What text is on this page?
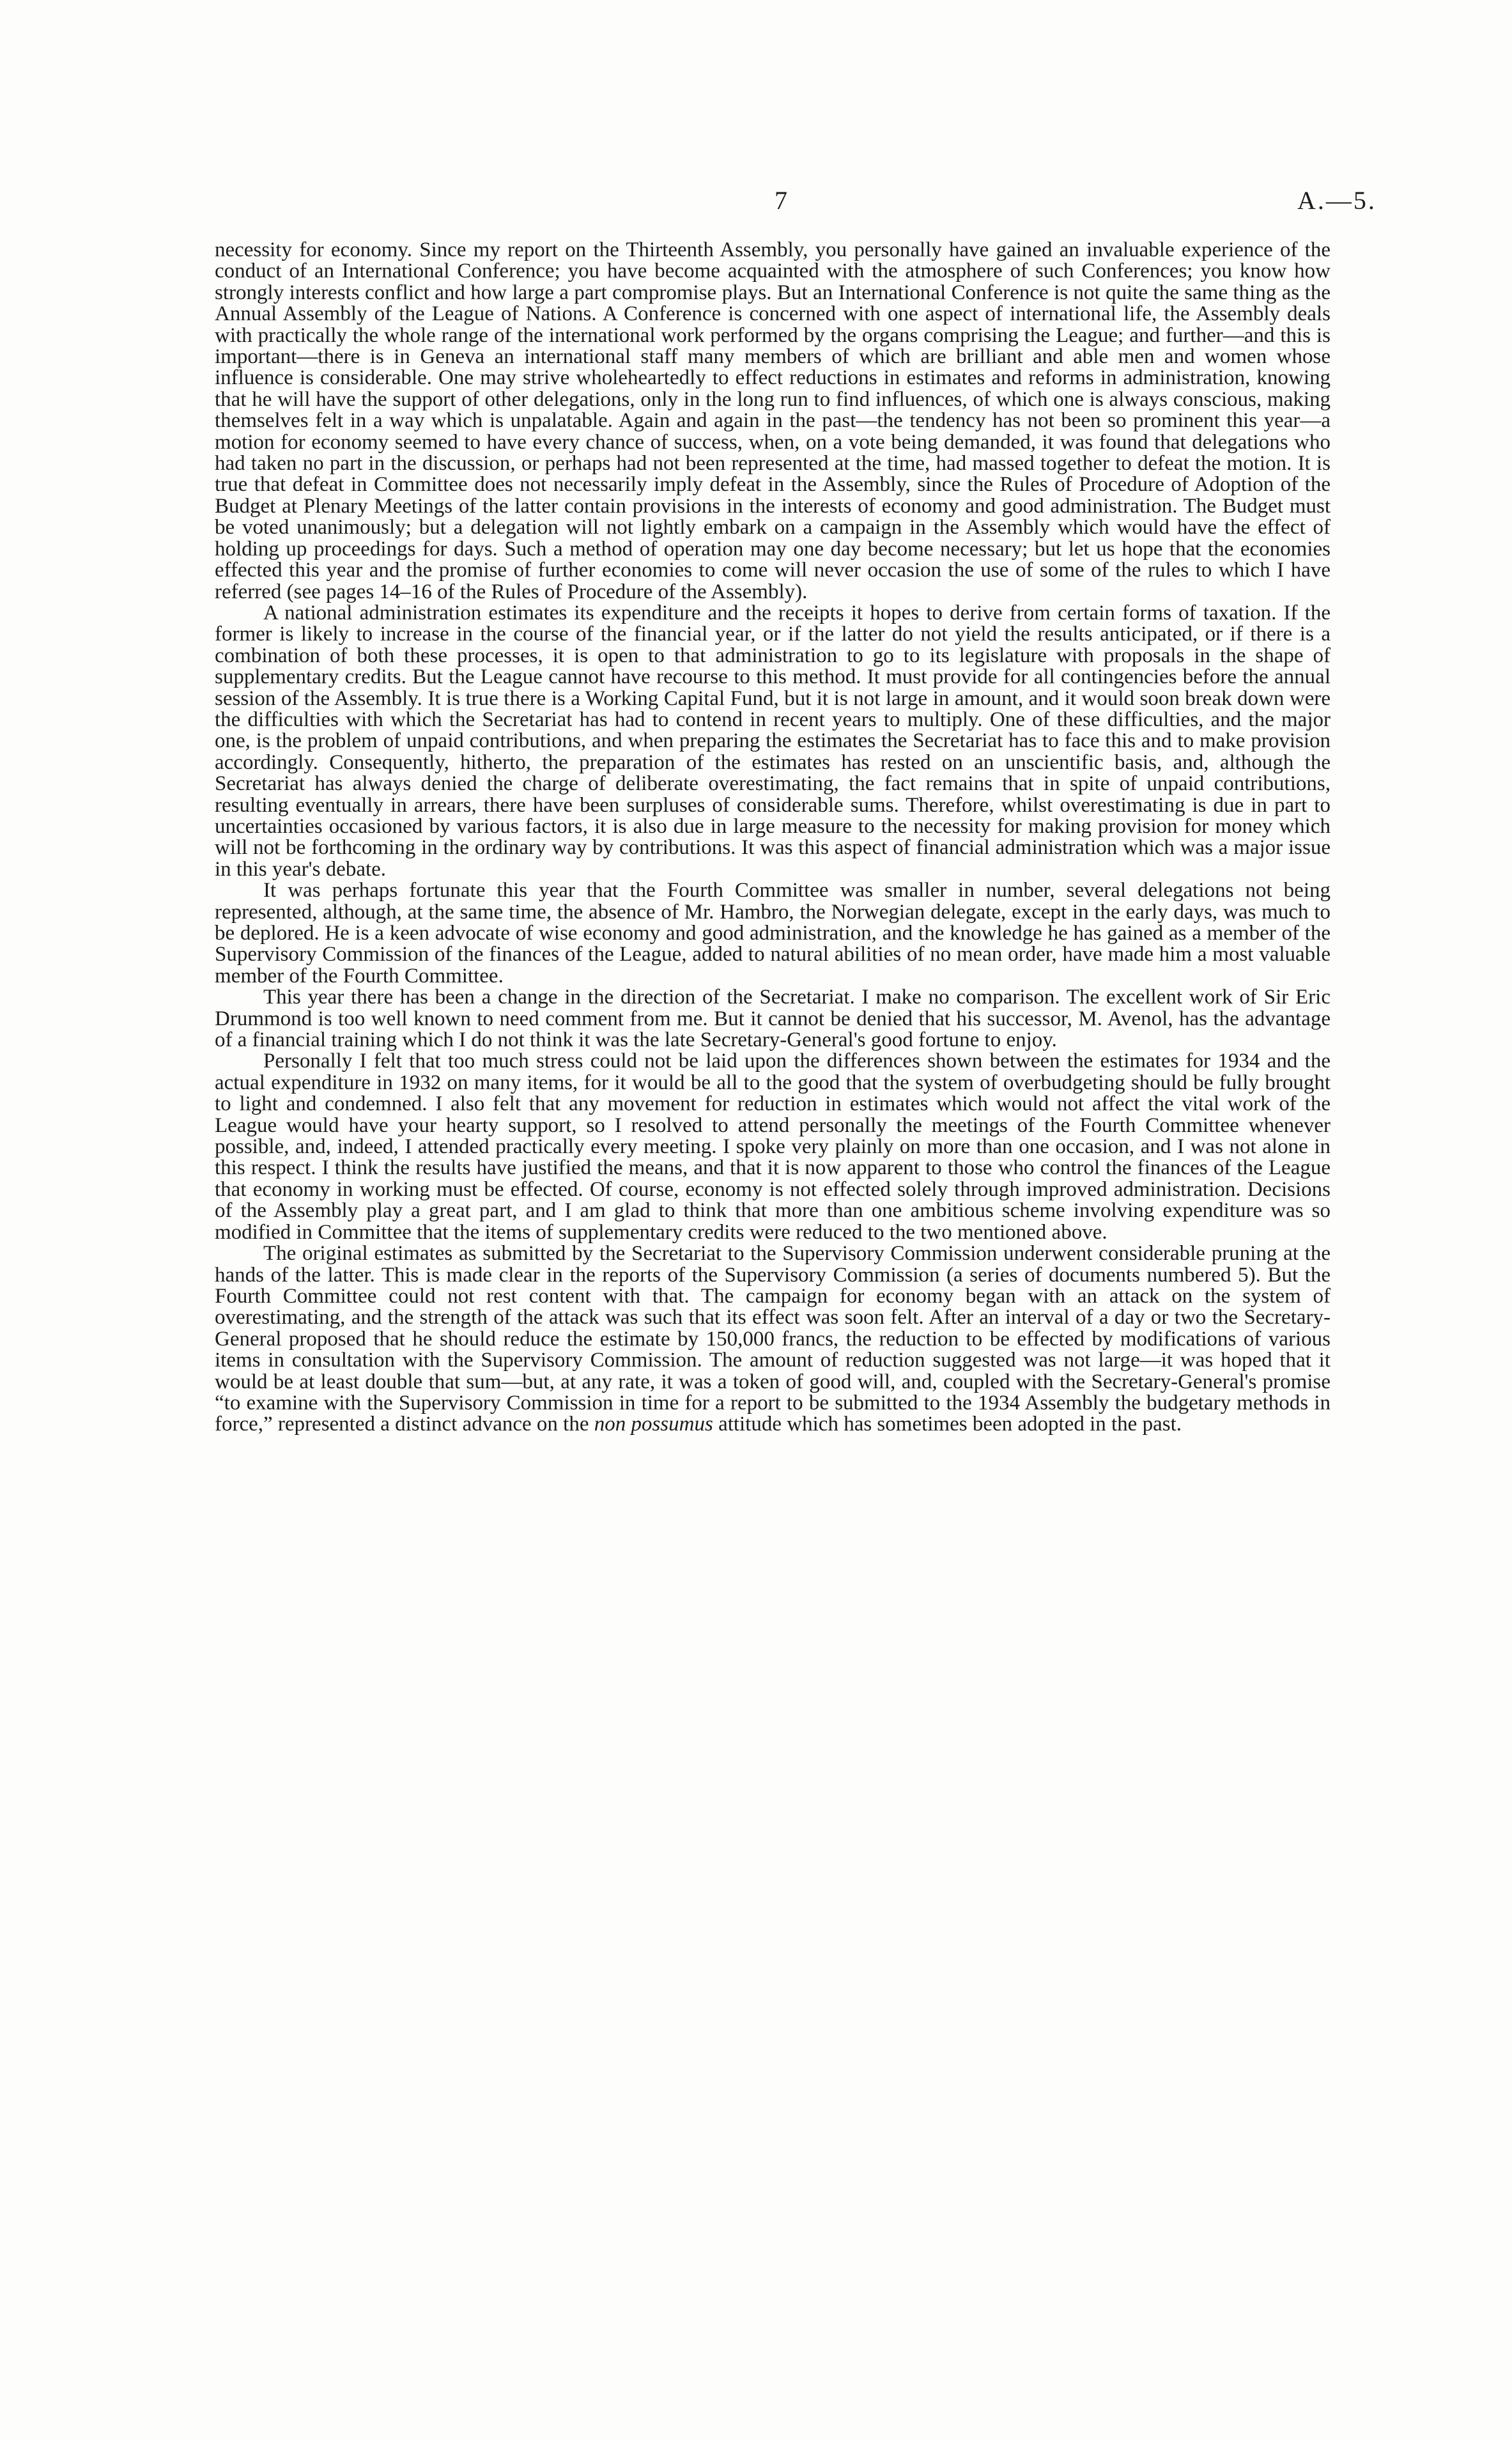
7	A.—5.

necessity for economy. Since my report on the Thirteenth Assembly, you personally have gained an invaluable experience of the conduct of an International Conference; you have become acquainted with the atmosphere of such Conferences; you know how strongly interests conflict and how large a part compromise plays. But an International Conference is not quite the same thing as the Annual Assembly of the League of Nations. A Conference is concerned with one aspect of international life, the Assembly deals with practically the whole range of the international work performed by the organs comprising the League; and further—and this is important—there is in Geneva an international staff many members of which are brilliant and able men and women whose influence is considerable. One may strive wholeheartedly to effect reductions in estimates and reforms in administration, knowing that he will have the support of other delegations, only in the long run to find influences, of which one is always conscious, making themselves felt in a way which is unpalatable. Again and again in the past—the tendency has not been so prominent this year—a motion for economy seemed to have every chance of success, when, on a vote being demanded, it was found that delegations who had taken no part in the discussion, or perhaps had not been represented at the time, had massed together to defeat the motion. It is true that defeat in Committee does not necessarily imply defeat in the Assembly, since the Rules of Procedure of Adoption of the Budget at Plenary Meetings of the latter contain provisions in the interests of economy and good administration. The Budget must be voted unanimously; but a delegation will not lightly embark on a campaign in the Assembly which would have the effect of holding up proceedings for days. Such a method of operation may one day become necessary; but let us hope that the economies effected this year and the promise of further economies to come will never occasion the use of some of the rules to which I have referred (see pages 14–16 of the Rules of Procedure of the Assembly).

A national administration estimates its expenditure and the receipts it hopes to derive from certain forms of taxation. If the former is likely to increase in the course of the financial year, or if the latter do not yield the results anticipated, or if there is a combination of both these processes, it is open to that administration to go to its legislature with proposals in the shape of supplementary credits. But the League cannot have recourse to this method. It must provide for all contingencies before the annual session of the Assembly. It is true there is a Working Capital Fund, but it is not large in amount, and it would soon break down were the difficulties with which the Secretariat has had to contend in recent years to multiply. One of these difficulties, and the major one, is the problem of unpaid contributions, and when preparing the estimates the Secretariat has to face this and to make provision accordingly. Consequently, hitherto, the preparation of the estimates has rested on an unscientific basis, and, although the Secretariat has always denied the charge of deliberate overestimating, the fact remains that in spite of unpaid contributions, resulting eventually in arrears, there have been surpluses of considerable sums. Therefore, whilst overestimating is due in part to uncertainties occasioned by various factors, it is also due in large measure to the necessity for making provision for money which will not be forthcoming in the ordinary way by contributions. It was this aspect of financial administration which was a major issue in this year's debate.

It was perhaps fortunate this year that the Fourth Committee was smaller in number, several delegations not being represented, although, at the same time, the absence of Mr. Hambro, the Norwegian delegate, except in the early days, was much to be deplored. He is a keen advocate of wise economy and good administration, and the knowledge he has gained as a member of the Supervisory Commission of the finances of the League, added to natural abilities of no mean order, have made him a most valuable member of the Fourth Committee.

This year there has been a change in the direction of the Secretariat. I make no comparison. The excellent work of Sir Eric Drummond is too well known to need comment from me. But it cannot be denied that his successor, M. Avenol, has the advantage of a financial training which I do not think it was the late Secretary-General's good fortune to enjoy.

Personally I felt that too much stress could not be laid upon the differences shown between the estimates for 1934 and the actual expenditure in 1932 on many items, for it would be all to the good that the system of overbudgeting should be fully brought to light and condemned. I also felt that any movement for reduction in estimates which would not affect the vital work of the League would have your hearty support, so I resolved to attend personally the meetings of the Fourth Committee whenever possible, and, indeed, I attended practically every meeting. I spoke very plainly on more than one occasion, and I was not alone in this respect. I think the results have justified the means, and that it is now apparent to those who control the finances of the League that economy in working must be effected. Of course, economy is not effected solely through improved administration. Decisions of the Assembly play a great part, and I am glad to think that more than one ambitious scheme involving expenditure was so modified in Committee that the items of supplementary credits were reduced to the two mentioned above.

The original estimates as submitted by the Secretariat to the Supervisory Commission underwent considerable pruning at the hands of the latter. This is made clear in the reports of the Supervisory Commission (a series of documents numbered 5). But the Fourth Committee could not rest content with that. The campaign for economy began with an attack on the system of overestimating, and the strength of the attack was such that its effect was soon felt. After an interval of a day or two the Secretary-General proposed that he should reduce the estimate by 150,000 francs, the reduction to be effected by modifications of various items in consultation with the Supervisory Commission. The amount of reduction suggested was not large—it was hoped that it would be at least double that sum—but, at any rate, it was a token of good will, and, coupled with the Secretary-General's promise “to examine with the Supervisory Commission in time for a report to be submitted to the 1934 Assembly the budgetary methods in force,” represented a distinct advance on the non possumus attitude which has sometimes been adopted in the past.
